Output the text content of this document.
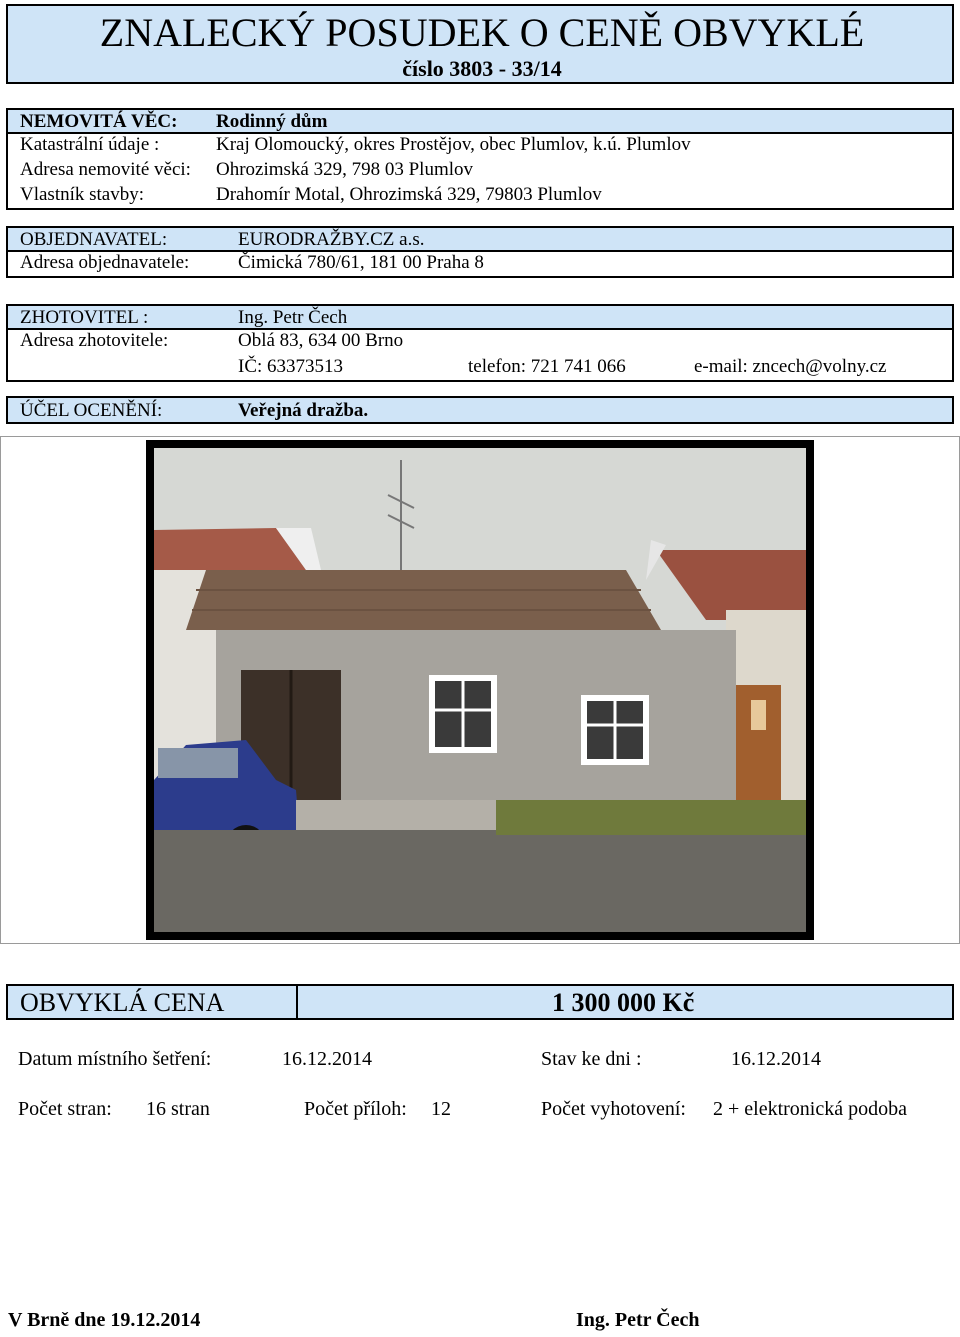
ZNALECKÝ POSUDEK O CENĚ OBVYKLÉ
číslo 3803 - 33/14
NEMOVITÁ VĚC: Rodinný dům
Katastrální údaje :	Kraj Olomoucký, okres Prostějov, obec Plumlov, k.ú. Plumlov
Adresa nemovité věci: Ohrozimská 329, 798 03 Plumlov
Vlastník stavby:	Drahomír Motal, Ohrozimská 329, 79803 Plumlov
OBJEDNAVATEL:	EURODRAŽBY.CZ a.s.
Adresa objednavatele:	Čimická 780/61, 181 00 Praha 8
ZHOTOVITEL :	Ing. Petr Čech
Adresa zhotovitele:	Oblá 83, 634 00 Brno
IČ: 63373513	telefon: 721 741 066	e-mail: zncech@volny.cz
ÚČEL OCENĚNÍ:	Veřejná dražba.
OBVYKLÁ CENA	1 300 000 Kč
Datum místního šetření:	16.12.2014	Stav ke dni :	16.12.2014
Počet stran: 16 stran	Počet příloh: 12	Počet vyhotovení: 2 + elektronická podoba
V Brně dne 19.12.2014	Ing. Petr Čech
